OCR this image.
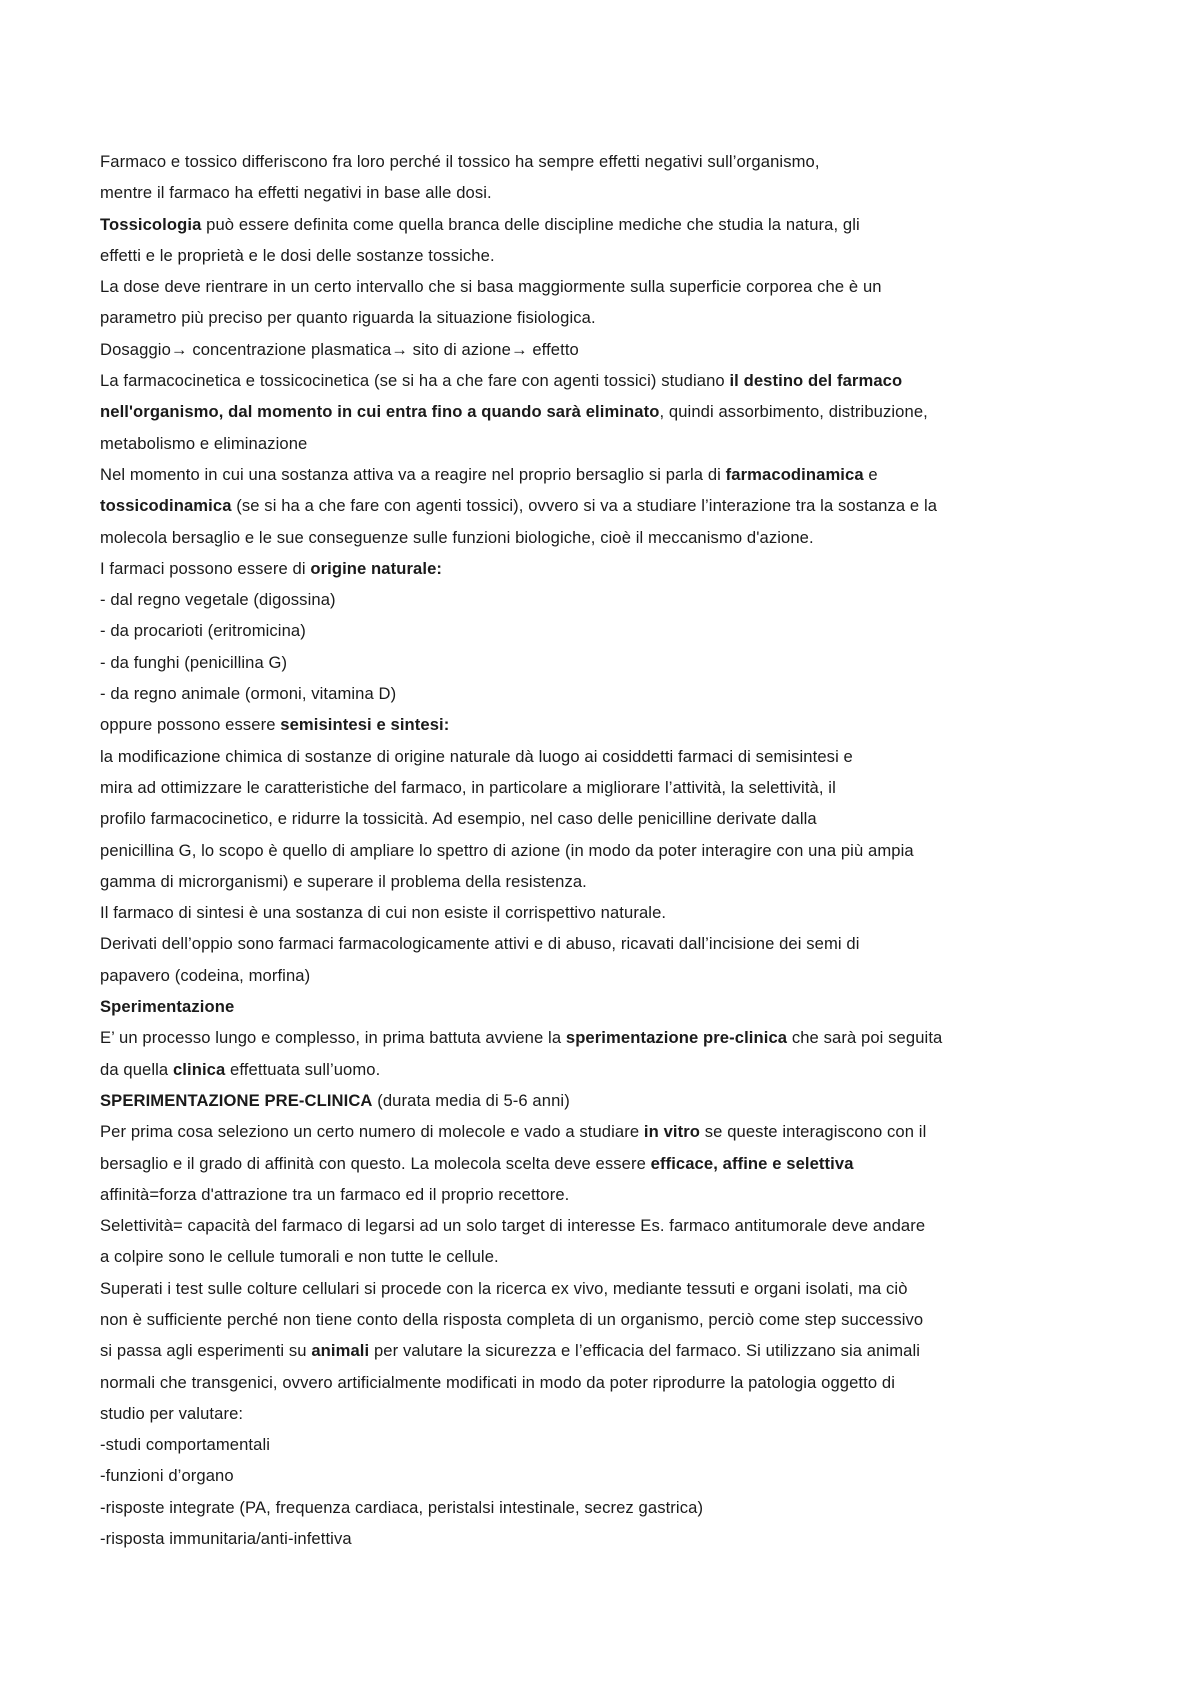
Farmaco e tossico differiscono fra loro perché il tossico ha sempre effetti negativi sull’organismo,
mentre il farmaco ha effetti negativi in base alle dosi.
Tossicologia può essere definita come quella branca delle discipline mediche che studia la natura, gli
effetti e le proprietà e le dosi delle sostanze tossiche.
La dose deve rientrare in un certo intervallo che si basa maggiormente sulla superficie corporea che è un
parametro più preciso per quanto riguarda la situazione fisiologica.
Dosaggio→ concentrazione plasmatica→ sito di azione→ effetto
La farmacocinetica e tossicocinetica (se si ha a che fare con agenti tossici) studiano il destino del farmaco
nell'organismo, dal momento in cui entra fino a quando sarà eliminato, quindi assorbimento, distribuzione,
metabolismo e eliminazione
Nel momento in cui una sostanza attiva va a reagire nel proprio bersaglio si parla di farmacodinamica e
tossicodinamica (se si ha a che fare con agenti tossici), ovvero si va a studiare l’interazione tra la sostanza e la
molecola bersaglio e le sue conseguenze sulle funzioni biologiche, cioè il meccanismo d'azione.
I farmaci possono essere di origine naturale:
- dal regno vegetale (digossina)
- da procarioti (eritromicina)
- da funghi (penicillina G)
- da regno animale (ormoni, vitamina D)
oppure possono essere semisintesi e sintesi:
la modificazione chimica di sostanze di origine naturale dà luogo ai cosiddetti farmaci di semisintesi e
mira ad ottimizzare le caratteristiche del farmaco, in particolare a migliorare l’attività, la selettività, il
profilo farmacocinetico, e ridurre la tossicità. Ad esempio, nel caso delle penicilline derivate dalla
penicillina G, lo scopo è quello di ampliare lo spettro di azione (in modo da poter interagire con una più ampia
gamma di microrganismi) e superare il problema della resistenza.
Il farmaco di sintesi è una sostanza di cui non esiste il corrispettivo naturale.
Derivati dell’oppio sono farmaci farmacologicamente attivi e di abuso, ricavati dall’incisione dei semi di
papavero (codeina, morfina)
Sperimentazione
E’ un processo lungo e complesso, in prima battuta avviene la sperimentazione pre-clinica che sarà poi seguita
da quella clinica effettuata sull’uomo.
SPERIMENTAZIONE PRE-CLINICA (durata media di 5-6 anni)
Per prima cosa seleziono un certo numero di molecole e vado a studiare in vitro se queste interagiscono con il
bersaglio e il grado di affinità con questo. La molecola scelta deve essere efficace, affine e selettiva
affinità=forza d'attrazione tra un farmaco ed il proprio recettore.
Selettività= capacità del farmaco di legarsi ad un solo target di interesse Es. farmaco antitumorale deve andare
a colpire sono le cellule tumorali e non tutte le cellule.
Superati i test sulle colture cellulari si procede con la ricerca ex vivo, mediante tessuti e organi isolati, ma ciò
non è sufficiente perché non tiene conto della risposta completa di un organismo, perciò come step successivo
si passa agli esperimenti su animali per valutare la sicurezza e l’efficacia del farmaco. Si utilizzano sia animali
normali che transgenici, ovvero artificialmente modificati in modo da poter riprodurre la patologia oggetto di
studio per valutare:
-studi comportamentali
-funzioni d’organo
-risposte integrate (PA, frequenza cardiaca, peristalsi intestinale, secrez gastrica)
-risposta immunitaria/anti-infettiva
